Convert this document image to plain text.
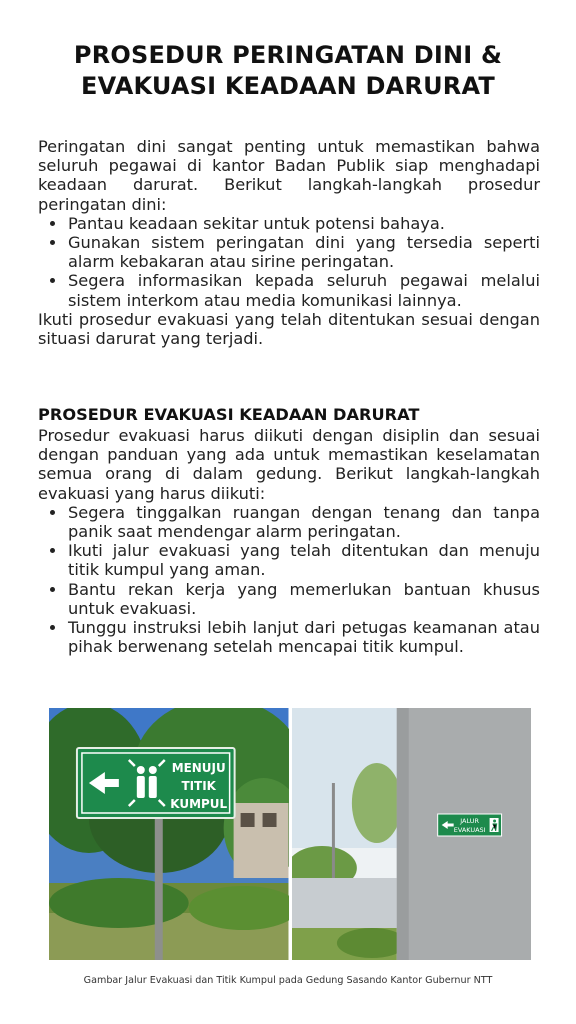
PROSEDUR PERINGATAN DINI &
EVAKUASI KEADAAN DARURAT

Peringatan dini sangat penting untuk memastikan bahwa seluruh pegawai di kantor Badan Publik siap menghadapi keadaan darurat. Berikut langkah-langkah prosedur peringatan dini:

• Pantau keadaan sekitar untuk potensi bahaya.
• Gunakan sistem peringatan dini yang tersedia seperti alarm kebakaran atau sirine peringatan.
• Segera informasikan kepada seluruh pegawai melalui sistem interkom atau media komunikasi lainnya.

Ikuti prosedur evakuasi yang telah ditentukan sesuai dengan situasi darurat yang terjadi.

PROSEDUR EVAKUASI KEADAAN DARURAT

Prosedur evakuasi harus diikuti dengan disiplin dan sesuai dengan panduan yang ada untuk memastikan keselamatan semua orang di dalam gedung. Berikut langkah-langkah evakuasi yang harus diikuti:

• Segera tinggalkan ruangan dengan tenang dan tanpa panik saat mendengar alarm peringatan.
• Ikuti jalur evakuasi yang telah ditentukan dan menuju titik kumpul yang aman.
• Bantu rekan kerja yang memerlukan bantuan khusus untuk evakuasi.
• Tunggu instruksi lebih lanjut dari petugas keamanan atau pihak berwenang setelah mencapai titik kumpul.
MENUJU
TITIK
KUMPUL
JALUR
EVAKUASI
Gambar Jalur Evakuasi dan Titik Kumpul pada Gedung Sasando Kantor Gubernur NTT
